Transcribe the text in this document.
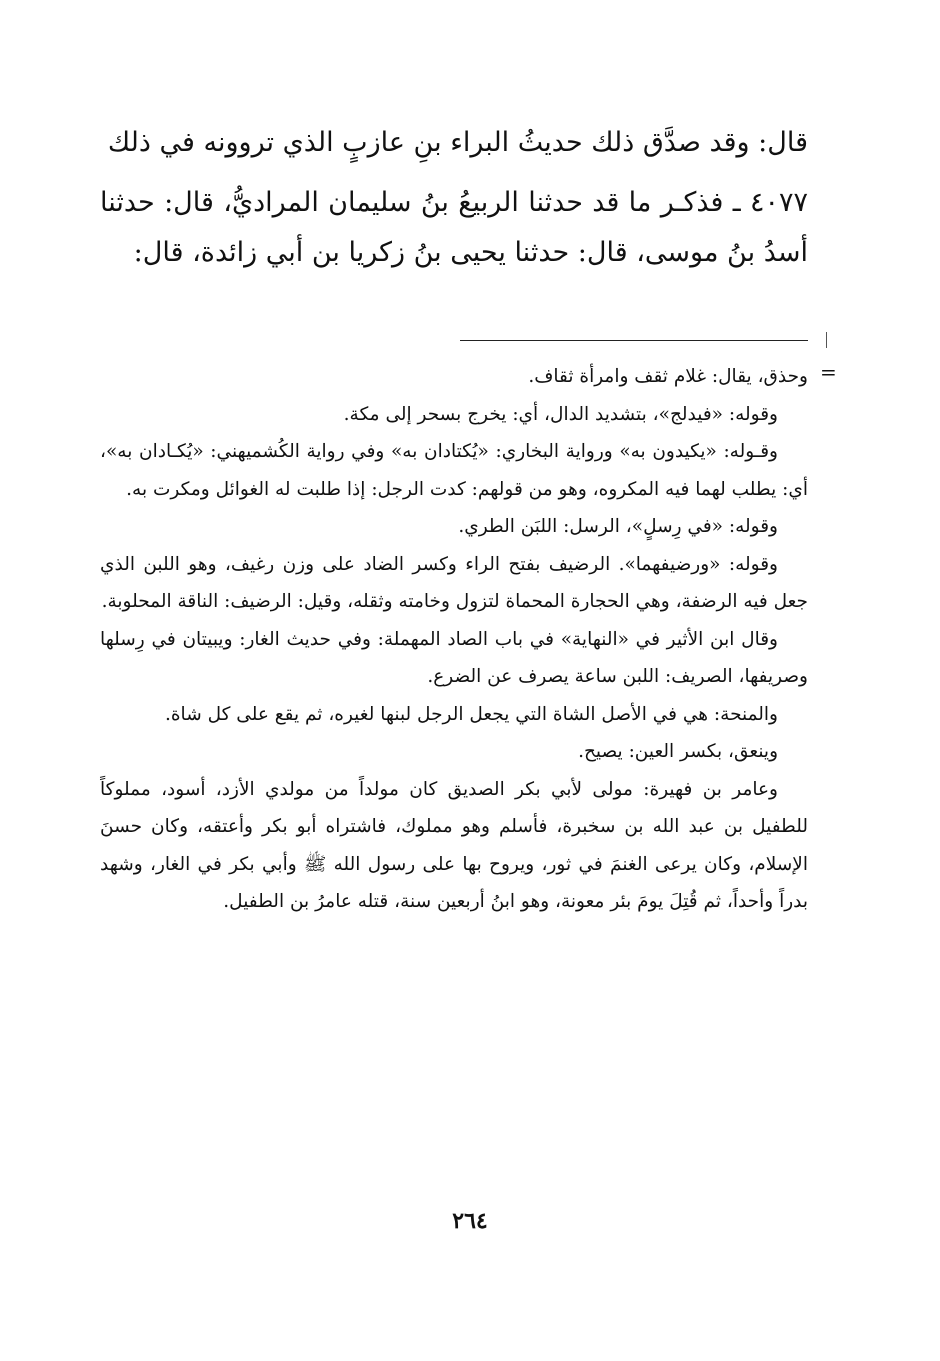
قال: وقد صدَّق ذلك حديثُ البراء بنِ عازبٍ الذي تروونه في ذلك

٤٠٧٧ ـ فذكـر ما قد حدثنا الربيعُ بنُ سليمان المراديُّ، قال: حدثنا أسدُ بنُ موسى، قال: حدثنا يحيى بنُ زكريا بن أبي زائدة، قال:

=

وحذق، يقال: غلام ثقف وامرأة ثقاف.

وقوله: «فيدلج»، بتشديد الدال، أي: يخرج بسحر إلى مكة.

وقـوله: «يكيدون به» ورواية البخاري: «يُكتادان به» وفي رواية الكُشميهني: «يُكـادان به»، أي: يطلب لهما فيه المكروه، وهو من قولهم: كدت الرجل: إذا طلبت له الغوائل ومكرت به.

وقوله: «في رِسلٍ»، الرسل: اللبَن الطري.

وقوله: «ورضيفهما». الرضيف بفتح الراء وكسر الضاد على وزن رغيف، وهو اللبن الذي جعل فيه الرضفة، وهي الحجارة المحماة لتزول وخامته وثقله، وقيل: الرضيف: الناقة المحلوبة.

وقال ابن الأثير في «النهاية» في باب الصاد المهملة: وفي حديث الغار: ويبيتان في رِسلها وصريفها، الصريف: اللبن ساعة يصرف عن الضرع.

والمنحة: هي في الأصل الشاة التي يجعل الرجل لبنها لغيره، ثم يقع على كل شاة.

وينعق، بكسر العين: يصيح.

وعامر بن فهيرة: مولى لأبي بكر الصديق كان مولداً من مولدي الأزد، أسود، مملوكاً للطفيل بن عبد الله بن سخبرة، فأسلم وهو مملوك، فاشتراه أبو بكر وأعتقه، وكان حسنَ الإسلام، وكان يرعى الغنمَ في ثور، ويروح بها على رسول الله ﷺ وأبي بكر في الغار، وشهد بدراً وأحداً، ثم قُتِلَ يومَ بئر معونة، وهو ابنُ أربعين سنة، قتله عامرُ بن الطفيل.

٢٦٤
